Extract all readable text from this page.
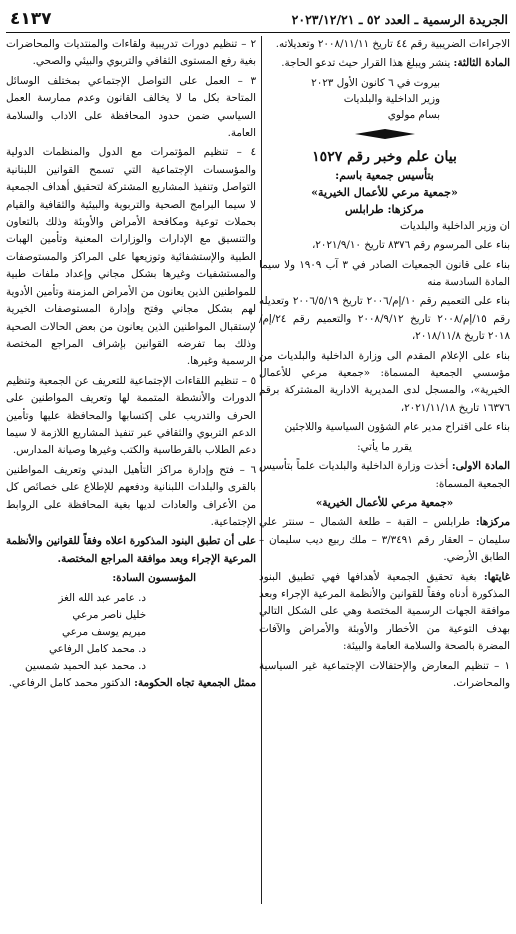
الجريدة الرسمية ـ العدد ٥٢ ـ ٢٠٢٣/١٢/٢١
٤١٣٧

الاجراءات الضريبية رقم ٤٤ تاريخ ٢٠٠٨/١١/١١ وتعديلاته.

المادة الثالثة: ينشر ويبلغ هذا القرار حيث تدعو الحاجة.

بيروت في ٦ كانون الأول ٢٠٢٣
وزير الداخلية والبلديات
بسام مولوي
بيان علم وخبر رقم ١٥٢٧
بتأسيس جمعية باسم:
«جمعية مرعي للأعمال الخيرية»
مركزها: طرابلس

ان وزير الداخلية والبلديات

بناء على المرسوم رقم ٨٣٧٦ تاريخ ٢٠٢١/٩/١٠،

بناء على قانون الجمعيات الصادر في ٣ آب ١٩٠٩ ولا سيما المادة السادسة منه

بناء على التعميم رقم ١٠/إم/٢٠٠٦ تاريخ ٢٠٠٦/٥/١٩ وتعديله رقم ١٥/إم/٢٠٠٨ تاريخ ٢٠٠٨/٩/١٢ والتعميم رقم ٢٤/إم/٢٠١٨ تاريخ ٢٠١٨/١١/٨،

بناء على الإعلام المقدم الى وزارة الداخلية والبلديات من مؤسسي الجمعية المسماة: «جمعية مرعي للأعمال الخيرية»، والمسجل لدى المديرية الادارية المشتركة برقم ١٦٣٧٦ تاريخ ٢٠٢١/١١/١٨،

بناء على اقتراح مدير عام الشؤون السياسية واللاجئين

يقرر ما يأتي:

المادة الاولى: أخذت وزارة الداخلية والبلديات علماً بتأسيس الجمعية المسماة:

«جمعية مرعي للأعمال الخيرية»

مركزها: طرابلس – القبة – طلعة الشمال – سنتر علي سليمان – العقار رقم ٣/٣٤٩١ – ملك ربيع ديب سليمان – الطابق الأرضي.

غايتها: بغية تحقيق الجمعية لأهدافها فهي تطبيق البنود المذكورة أدناه وفقاً للقوانين والأنظمة المرعية الإجراء وبعد موافقة الجهات الرسمية المختصة وهي على الشكل التالي بهدف التوعية من الأخطار والأوبئة والأمراض والآفات المضرة بالصحة والسلامة العامة والبيئة:

١ – تنظيم المعارض والإحتفالات الإجتماعية غير السياسية والمحاضرات.

٢ – تنظيم دورات تدريبية ولقاءات والمنتديات والمحاضرات بغية رفع المستوى الثقافي والتربوي والبيئي والصحي.

٣ – العمل على التواصل الإجتماعي بمختلف الوسائل المتاحة بكل ما لا يخالف القانون وعدم ممارسة العمل السياسي ضمن حدود المحافظة على الاداب والسلامة العامة.

٤ – تنظيم المؤتمرات مع الدول والمنظمات الدولية والمؤسسات الإجتماعية التي تسمح القوانين اللبنانية التواصل وتنفيذ المشاريع المشتركة لتحقيق أهداف الجمعية لا سيما البرامج الصحية والتربوية والبيئية والثقافية والقيام بحملات توعية ومكافحة الأمراض والأوبئة وذلك بالتعاون والتنسيق مع الإدارات والوزارات المعنية وتأمين الهبات الطبية والإستشفائية وتوزيعها على المراكز والمستوصفات والمستشفيات وغيرها بشكل مجاني وإعداد ملفات طبية للمواطنين الذين يعانون من الأمراض المزمنة وتأمين الأدوية لهم بشكل مجاني وفتح وإدارة المستوصفات الخيرية لإستقبال المواطنين الذين يعانون من بعض الحالات الصحية وذلك بما تفرضه القوانين بإشراف المراجع المختصة الرسمية وغيرها.

٥ – تنظيم اللقاءات الإجتماعية للتعريف عن الجمعية وتنظيم الدورات والأنشطة المتممة لها وتعريف المواطنين على الحرف والتدريب على إكتسابها والمحافظة عليها وتأمين الدعم التربوي والثقافي عبر تنفيذ المشاريع اللازمة لا سيما دعم الطلاب بالقرطاسية والكتب وغيرها وصيانة المدارس.

٦ – فتح وإدارة مراكز التأهيل البدني وتعريف المواطنين بالقرى والبلدات اللبنانية ودفعهم للإطلاع على خصائص كل من الأعراف والعادات لديها بغية المحافظة على الروابط الإجتماعية.

على أن تطبق البنود المذكورة اعلاه وفقاً للقوانين والأنظمة المرعية الإجراء وبعد موافقة المراجع المختصة.

المؤسسون السادة:

د. عامر عبد الله الغز
خليل ناصر مرعي
ميريم يوسف مرعي
د. محمد كامل الرفاعي
د. محمد عبد الحميد شمسين

ممثل الجمعية تجاه الحكومة: الدكتور محمد كامل الرفاعي.
